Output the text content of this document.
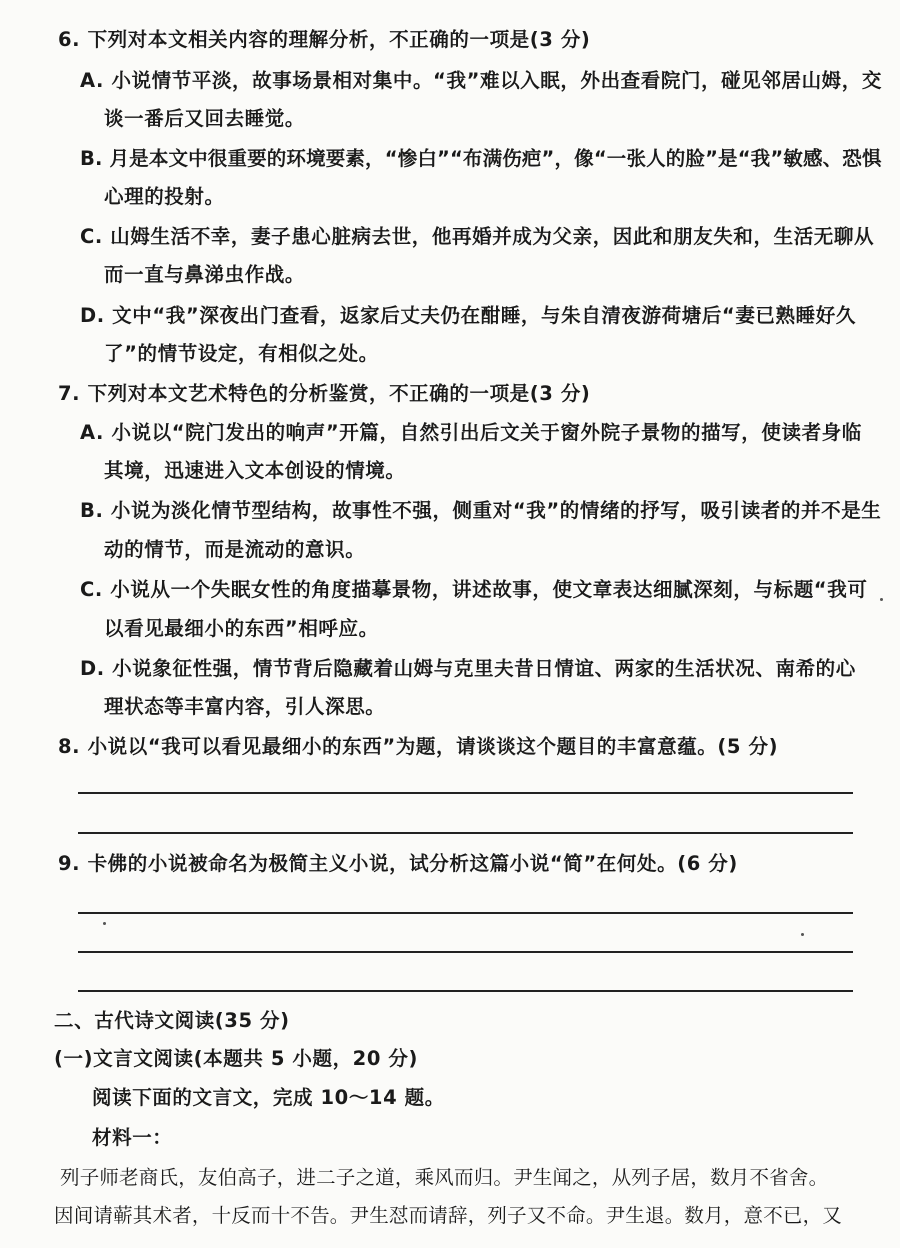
6. 下列对本文相关内容的理解分析，不正确的一项是(3 分)
A. 小说情节平淡，故事场景相对集中。“我”难以入眠，外出查看院门，碰见邻居山姆，交
谈一番后又回去睡觉。
B. 月是本文中很重要的环境要素，“惨白”“布满伤疤”，像“一张人的脸”是“我”敏感、恐惧
心理的投射。
C. 山姆生活不幸，妻子患心脏病去世，他再婚并成为父亲，因此和朋友失和，生活无聊从
而一直与鼻涕虫作战。
D. 文中“我”深夜出门查看，返家后丈夫仍在酣睡，与朱自清夜游荷塘后“妻已熟睡好久
了”的情节设定，有相似之处。
7. 下列对本文艺术特色的分析鉴赏，不正确的一项是(3 分)
A. 小说以“院门发出的响声”开篇，自然引出后文关于窗外院子景物的描写，使读者身临
其境，迅速进入文本创设的情境。
B. 小说为淡化情节型结构，故事性不强，侧重对“我”的情绪的抒写，吸引读者的并不是生
动的情节，而是流动的意识。
C. 小说从一个失眠女性的角度描摹景物，讲述故事，使文章表达细腻深刻，与标题“我可
以看见最细小的东西”相呼应。
D. 小说象征性强，情节背后隐藏着山姆与克里夫昔日情谊、两家的生活状况、南希的心
理状态等丰富内容，引人深思。
8. 小说以“我可以看见最细小的东西”为题，请谈谈这个题目的丰富意蕴。(5 分)
9. 卡佛的小说被命名为极简主义小说，试分析这篇小说“简”在何处。(6 分)
二、古代诗文阅读(35 分)
(一)文言文阅读(本题共 5 小题，20 分)
阅读下面的文言文，完成 10～14 题。
材料一：
列子师老商氏，友伯高子，进二子之道，乘风而归。尹生闻之，从列子居，数月不省舍。
因间请蕲其术者，十反而十不告。尹生怼而请辞，列子又不命。尹生退。数月，意不已，又
